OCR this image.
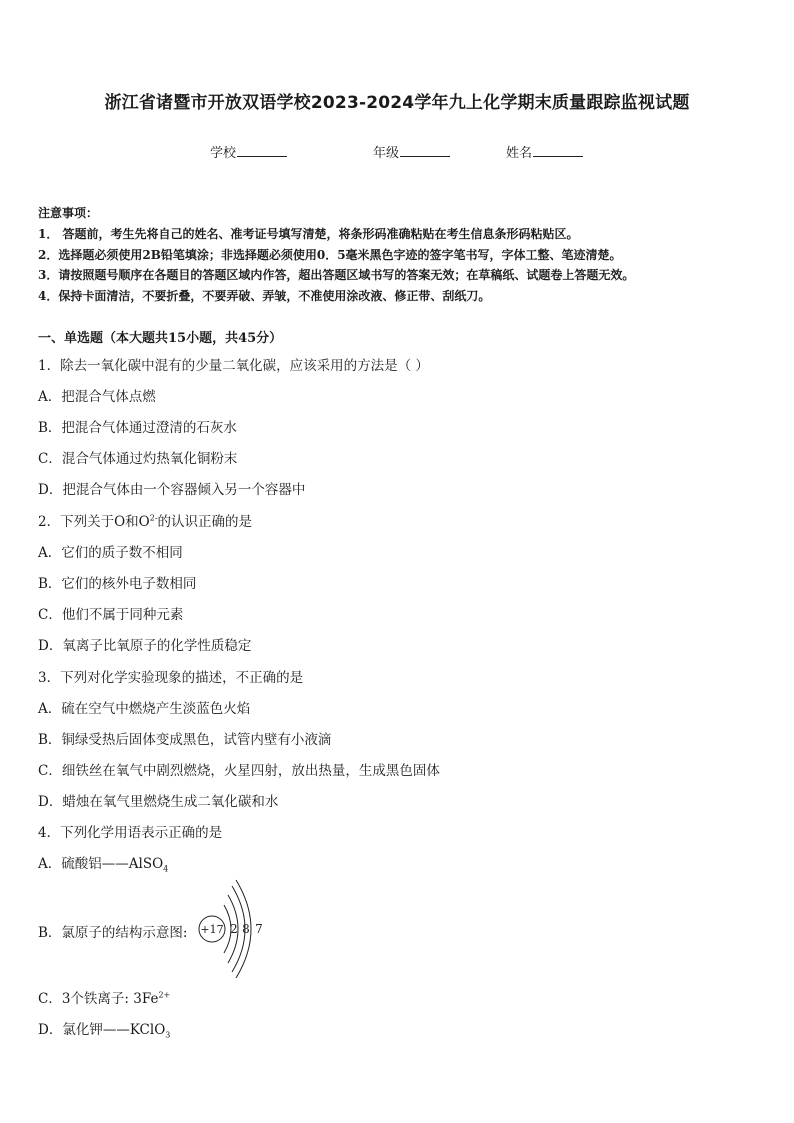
浙江省诸暨市开放双语学校2023-2024学年九上化学期末质量跟踪监视试题
学校	年级	姓名
注意事项：
1． 答题前，考生先将自己的姓名、准考证号填写清楚，将条形码准确粘贴在考生信息条形码粘贴区。
2．选择题必须使用2B铅笔填涂；非选择题必须使用0．5毫米黑色字迹的签字笔书写，字体工整、笔迹清楚。
3．请按照题号顺序在各题目的答题区域内作答，超出答题区域书写的答案无效；在草稿纸、试题卷上答题无效。
4．保持卡面清洁，不要折叠，不要弄破、弄皱，不准使用涂改液、修正带、刮纸刀。
一、单选题（本大题共15小题，共45分）
1．除去一氧化碳中混有的少量二氧化碳，应该采用的方法是（ ）
A．把混合气体点燃
B．把混合气体通过澄清的石灰水
C．混合气体通过灼热氧化铜粉末
D．把混合气体由一个容器倾入另一个容器中
2．下列关于O和$O^{2-}$的认识正确的是
A．它们的质子数不相同
B．它们的核外电子数相同
C．他们不属于同种元素
D．氧离子比氧原子的化学性质稳定
3．下列对化学实验现象的描述，不正确的是
A．硫在空气中燃烧产生淡蓝色火焰
B．铜绿受热后固体变成黑色，试管内壁有小液滴
C．细铁丝在氧气中剧烈燃烧，火星四射，放出热量，生成黑色固体
D．蜡烛在氧气里燃烧生成二氧化碳和水
4．下列化学用语表示正确的是
A．硫酸铝——AlSO$_4$
B．氯原子的结构示意图: +17 2 8 7
C．3个铁离子: $3Fe^{2+}$
D．氯化钾——KClO$_3$
